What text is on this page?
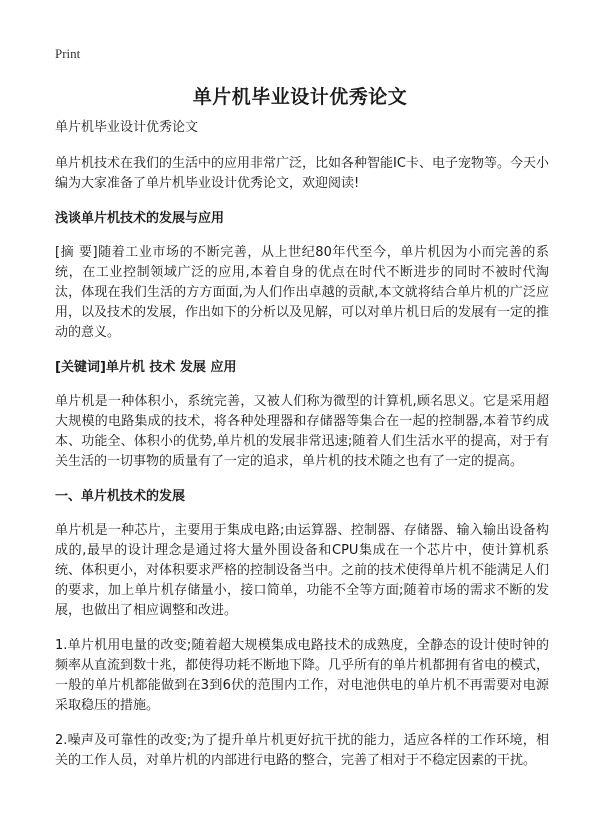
Print
单片机毕业设计优秀论文

单片机毕业设计优秀论文

单片机技术在我们的生活中的应用非常广泛，比如各种智能IC卡、电子宠物等。今天小编为大家准备了单片机毕业设计优秀论文，欢迎阅读!

浅谈单片机技术的发展与应用

[摘 要]随着工业市场的不断完善，从上世纪80年代至今，单片机因为小而完善的系统，在工业控制领域广泛的应用,本着自身的优点在时代不断进步的同时不被时代淘汰，体现在我们生活的方方面面,为人们作出卓越的贡献,本文就将结合单片机的广泛应用，以及技术的发展，作出如下的分析以及见解，可以对单片机日后的发展有一定的推动的意义。

[关键词]单片机 技术 发展 应用

单片机是一种体积小，系统完善，又被人们称为微型的计算机,顾名思义。它是采用超大规模的电路集成的技术，将各种处理器和存储器等集合在一起的控制器,本着节约成本、功能全、体积小的优势,单片机的发展非常迅速;随着人们生活水平的提高，对于有关生活的一切事物的质量有了一定的追求，单片机的技术随之也有了一定的提高。

一、单片机技术的发展

单片机是一种芯片，主要用于集成电路;由运算器、控制器、存储器、输入输出设备构成的,最早的设计理念是通过将大量外围设备和CPU集成在一个芯片中，使计算机系统、体积更小，对体积要求严格的控制设备当中。之前的技术使得单片机不能满足人们的要求，加上单片机存储量小，接口简单，功能不全等方面;随着市场的需求不断的发展，也做出了相应调整和改进。

1.单片机用电量的改变;随着超大规模集成电路技术的成熟度，全静态的设计使时钟的频率从直流到数十兆，都使得功耗不断地下降。几乎所有的单片机都拥有省电的模式，一般的单片机都能做到在3到6伏的范围内工作，对电池供电的单片机不再需要对电源采取稳压的措施。

2.噪声及可靠性的改变;为了提升单片机更好抗干扰的能力，适应各样的工作环境，相关的工作人员，对单片机的内部进行电路的整合，完善了相对于不稳定因素的干扰。
